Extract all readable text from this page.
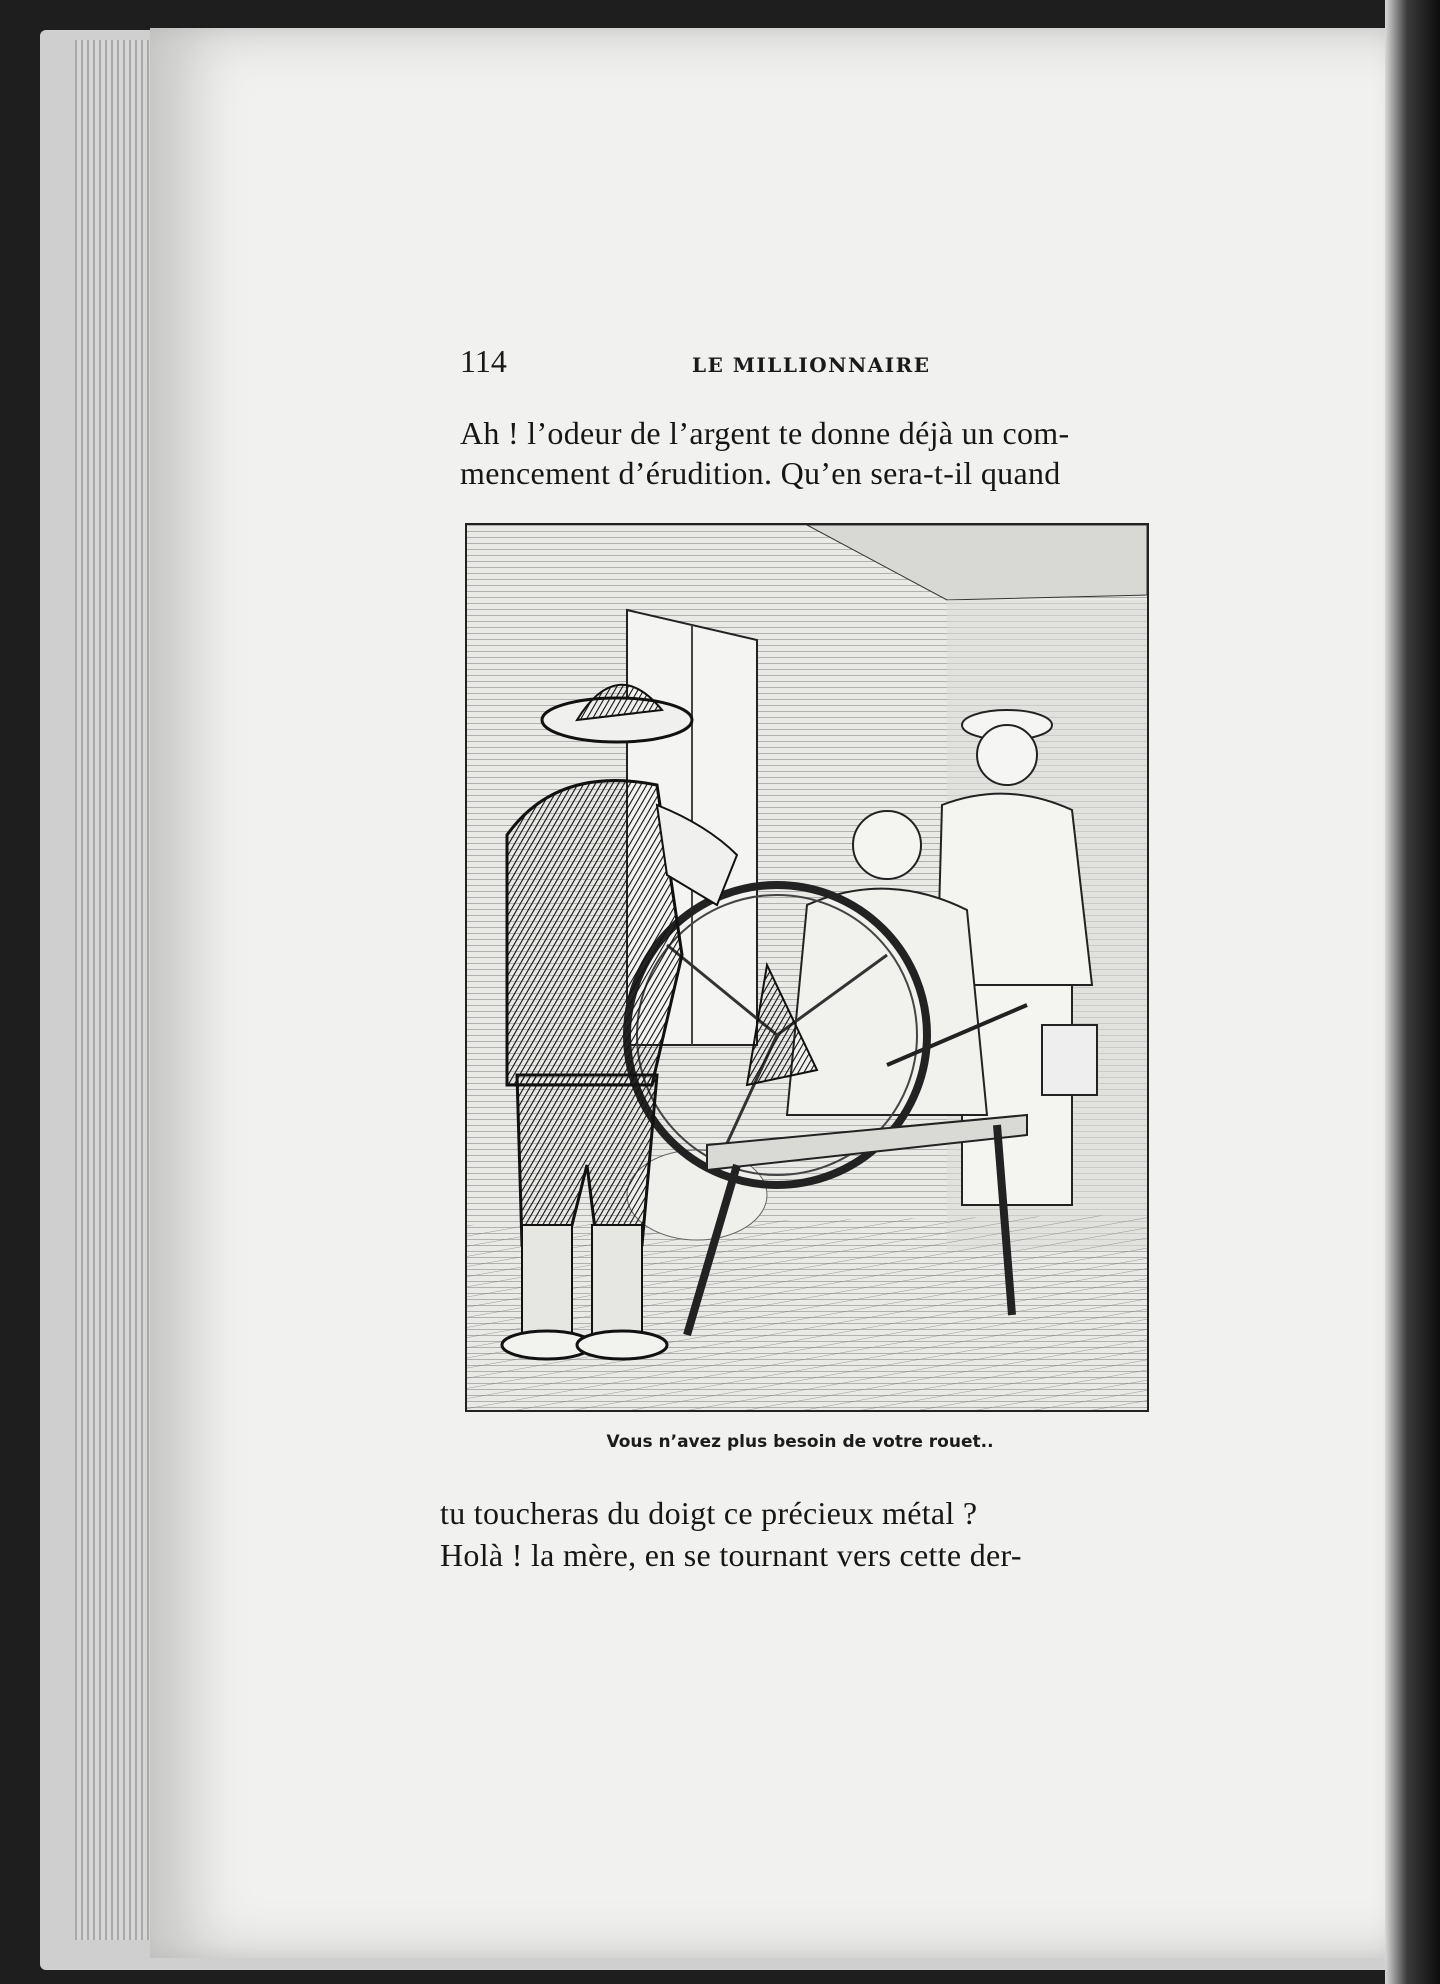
114	LE MILLIONNAIRE
Ah ! l’odeur de l’argent te donne déjà un com-
mencement d’érudition. Qu’en sera-t-il quand
Vous n’avez plus besoin de votre rouet..
tu toucheras du doigt ce précieux métal ?
Holà ! la mère, en se tournant vers cette der-
